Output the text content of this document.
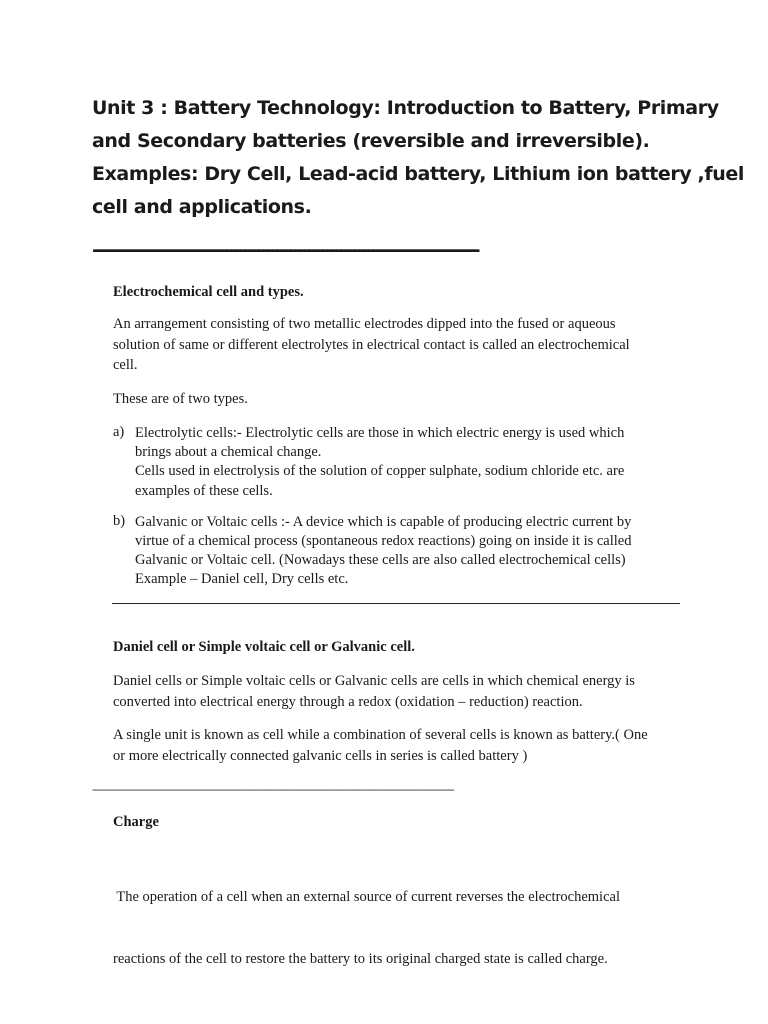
Unit 3 : Battery Technology: Introduction to Battery, Primary
and Secondary batteries (reversible and irreversible).
Examples: Dry Cell, Lead-acid battery, Lithium ion battery ,fuel
cell and applications.
------------------------------------------------------------------------------------
Electrochemical cell and types.
An arrangement consisting of two metallic electrodes dipped into the fused or aqueous
solution of same or different electrolytes in electrical contact is called an electrochemical
cell.
These are of two types.
a) Electrolytic cells:- Electrolytic cells are those in which electric energy is used which
brings about a chemical change.
Cells used in electrolysis of the solution of copper sulphate, sodium chloride etc. are
examples of these cells.
b) Galvanic or Voltaic cells :- A device which is capable of producing electric current by
virtue of a chemical process (spontaneous redox reactions) going on inside it is called
Galvanic or Voltaic cell. (Nowadays these cells are also called electrochemical cells)
Example – Daniel cell, Dry cells etc.
Daniel cell or Simple voltaic cell or Galvanic cell.
Daniel cells or Simple voltaic cells or Galvanic cells are cells in which chemical energy is
converted into electrical energy through a redox (oxidation – reduction) reaction.
A single unit is known as cell while a combination of several cells is known as battery.( One
or more electrically connected galvanic cells in series is called battery )
----------------------------------------------------------------------------------------------------------------------------
Charge

The operation of a cell when an external source of current reverses the electrochemical

reactions of the cell to restore the battery to its original charged state is called charge.
